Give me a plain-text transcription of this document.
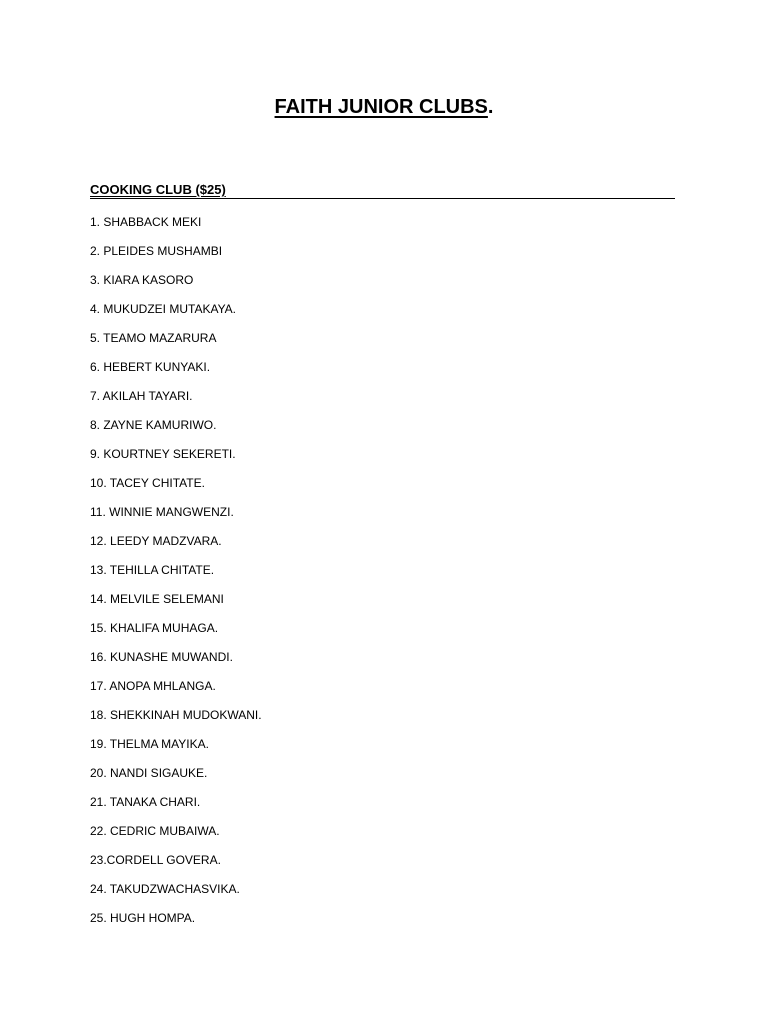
FAITH JUNIOR CLUBS.
COOKING CLUB ($25)
1. SHABBACK MEKI
2. PLEIDES MUSHAMBI
3. KIARA KASORO
4. MUKUDZEI MUTAKAYA.
5. TEAMO MAZARURA
6. HEBERT KUNYAKI.
7. AKILAH TAYARI.
8. ZAYNE KAMURIWO.
9. KOURTNEY SEKERETI.
10. TACEY CHITATE.
11. WINNIE MANGWENZI.
12. LEEDY MADZVARA.
13. TEHILLA CHITATE.
14. MELVILE SELEMANI
15. KHALIFA MUHAGA.
16. KUNASHE MUWANDI.
17. ANOPA MHLANGA.
18. SHEKKINAH MUDOKWANI.
19. THELMA MAYIKA.
20. NANDI SIGAUKE.
21. TANAKA CHARI.
22. CEDRIC MUBAIWA.
23.CORDELL GOVERA.
24. TAKUDZWACHASVIKA.
25. HUGH HOMPA.
